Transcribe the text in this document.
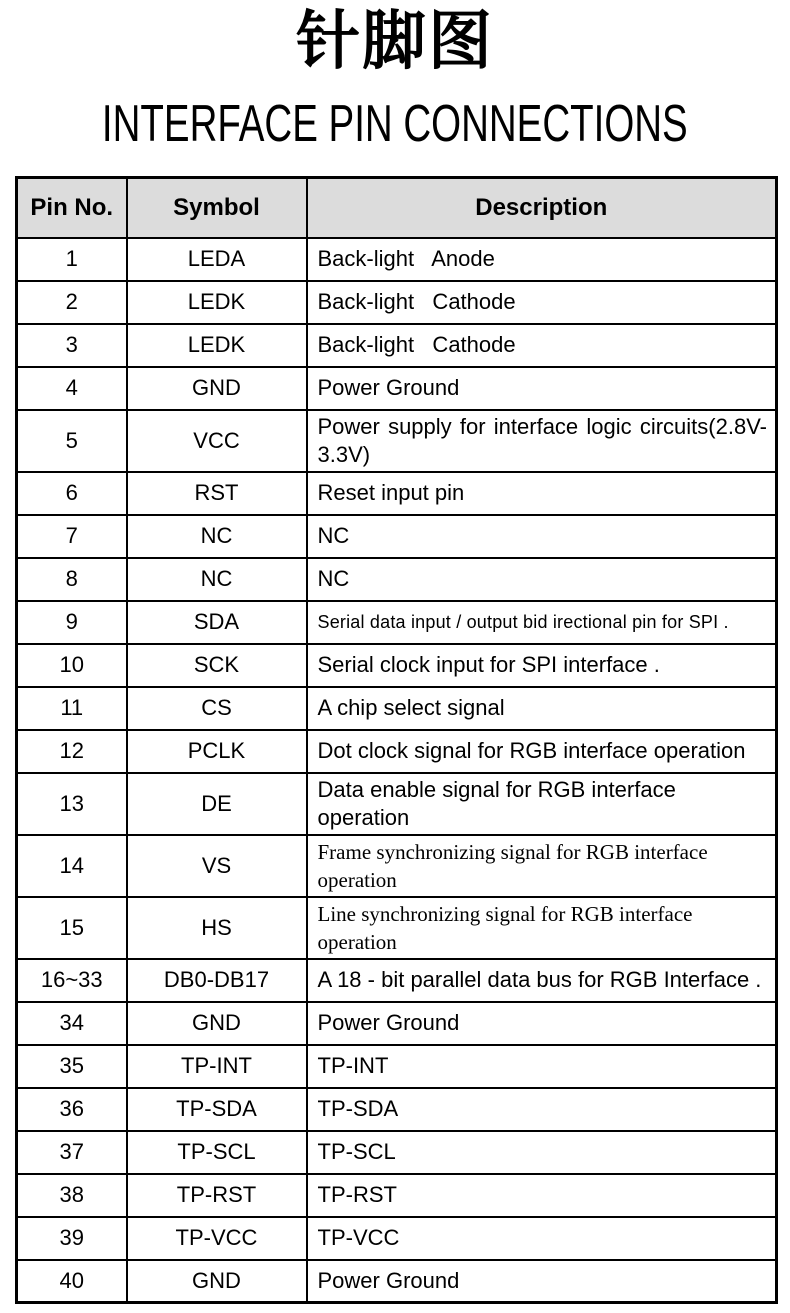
针脚图
INTERFACE PIN CONNECTIONS
Pin No.	Symbol	Description
1	LEDA	Back-light   Anode
2	LEDK	Back-light   Cathode
3	LEDK	Back-light   Cathode
4	GND	Power Ground
5	VCC	Power supply for interface logic circuits(2.8V-3.3V)
6	RST	Reset input pin
7	NC	NC
8	NC	NC
9	SDA	Serial data input / output bid irectional pin for SPI .
10	SCK	Serial clock input for SPI interface .
11	CS	A chip select signal
12	PCLK	Dot clock signal for RGB interface operation
13	DE	Data enable signal for RGB interface operation
14	VS	Frame synchronizing signal for RGB interface operation
15	HS	Line synchronizing signal for RGB interface operation
16~33	DB0-DB17	A 18 - bit parallel data bus for RGB Interface .
34	GND	Power Ground
35	TP-INT	TP-INT
36	TP-SDA	TP-SDA
37	TP-SCL	TP-SCL
38	TP-RST	TP-RST
39	TP-VCC	TP-VCC
40	GND	Power Ground
